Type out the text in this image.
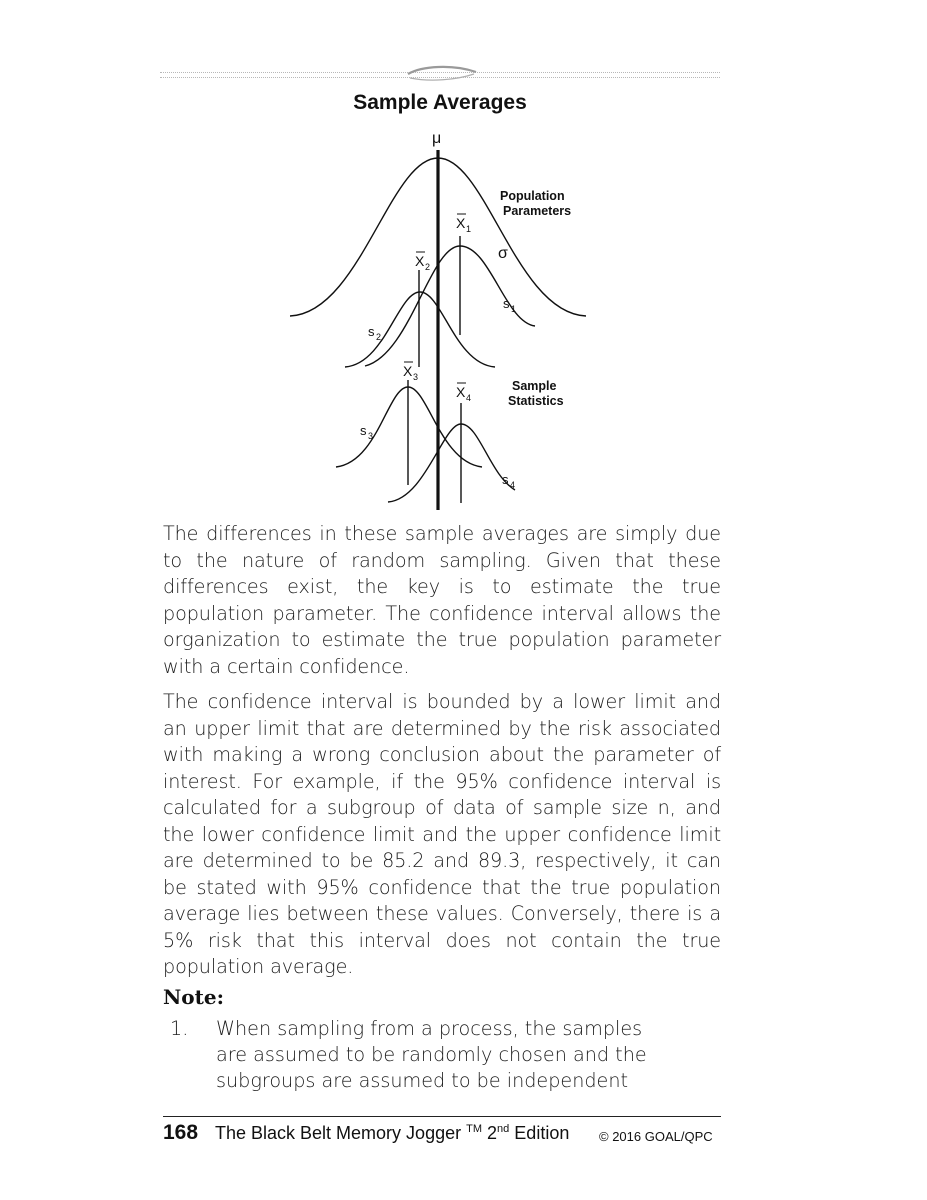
Sample Averages
μ
σ
Population
Parameters
Sample
Statistics
X 1
X 2
X 3
X 4
s 1
s 2
s 3
s 4

The differences in these sample averages are simply due to the nature of random sampling. Given that these differences exist, the key is to estimate the true population parameter. The confidence interval allows the organization to estimate the true population parameter with a certain confidence.

The confidence interval is bounded by a lower limit and an upper limit that are determined by the risk associated with making a wrong conclusion about the parameter of interest. For example, if the 95% confidence interval is calculated for a subgroup of data of sample size n, and the lower confidence limit and the upper confidence limit are determined to be 85.2 and 89.3, respectively, it can be stated with 95% confidence that the true population average lies between these values. Conversely, there is a 5% risk that this interval does not contain the true population average.

Note:

1.	When sampling from a process, the samples are assumed to be randomly chosen and the subgroups are assumed to be independent
168 The Black Belt Memory Jogger ™ 2nd Edition © 2016 GOAL/QPC
